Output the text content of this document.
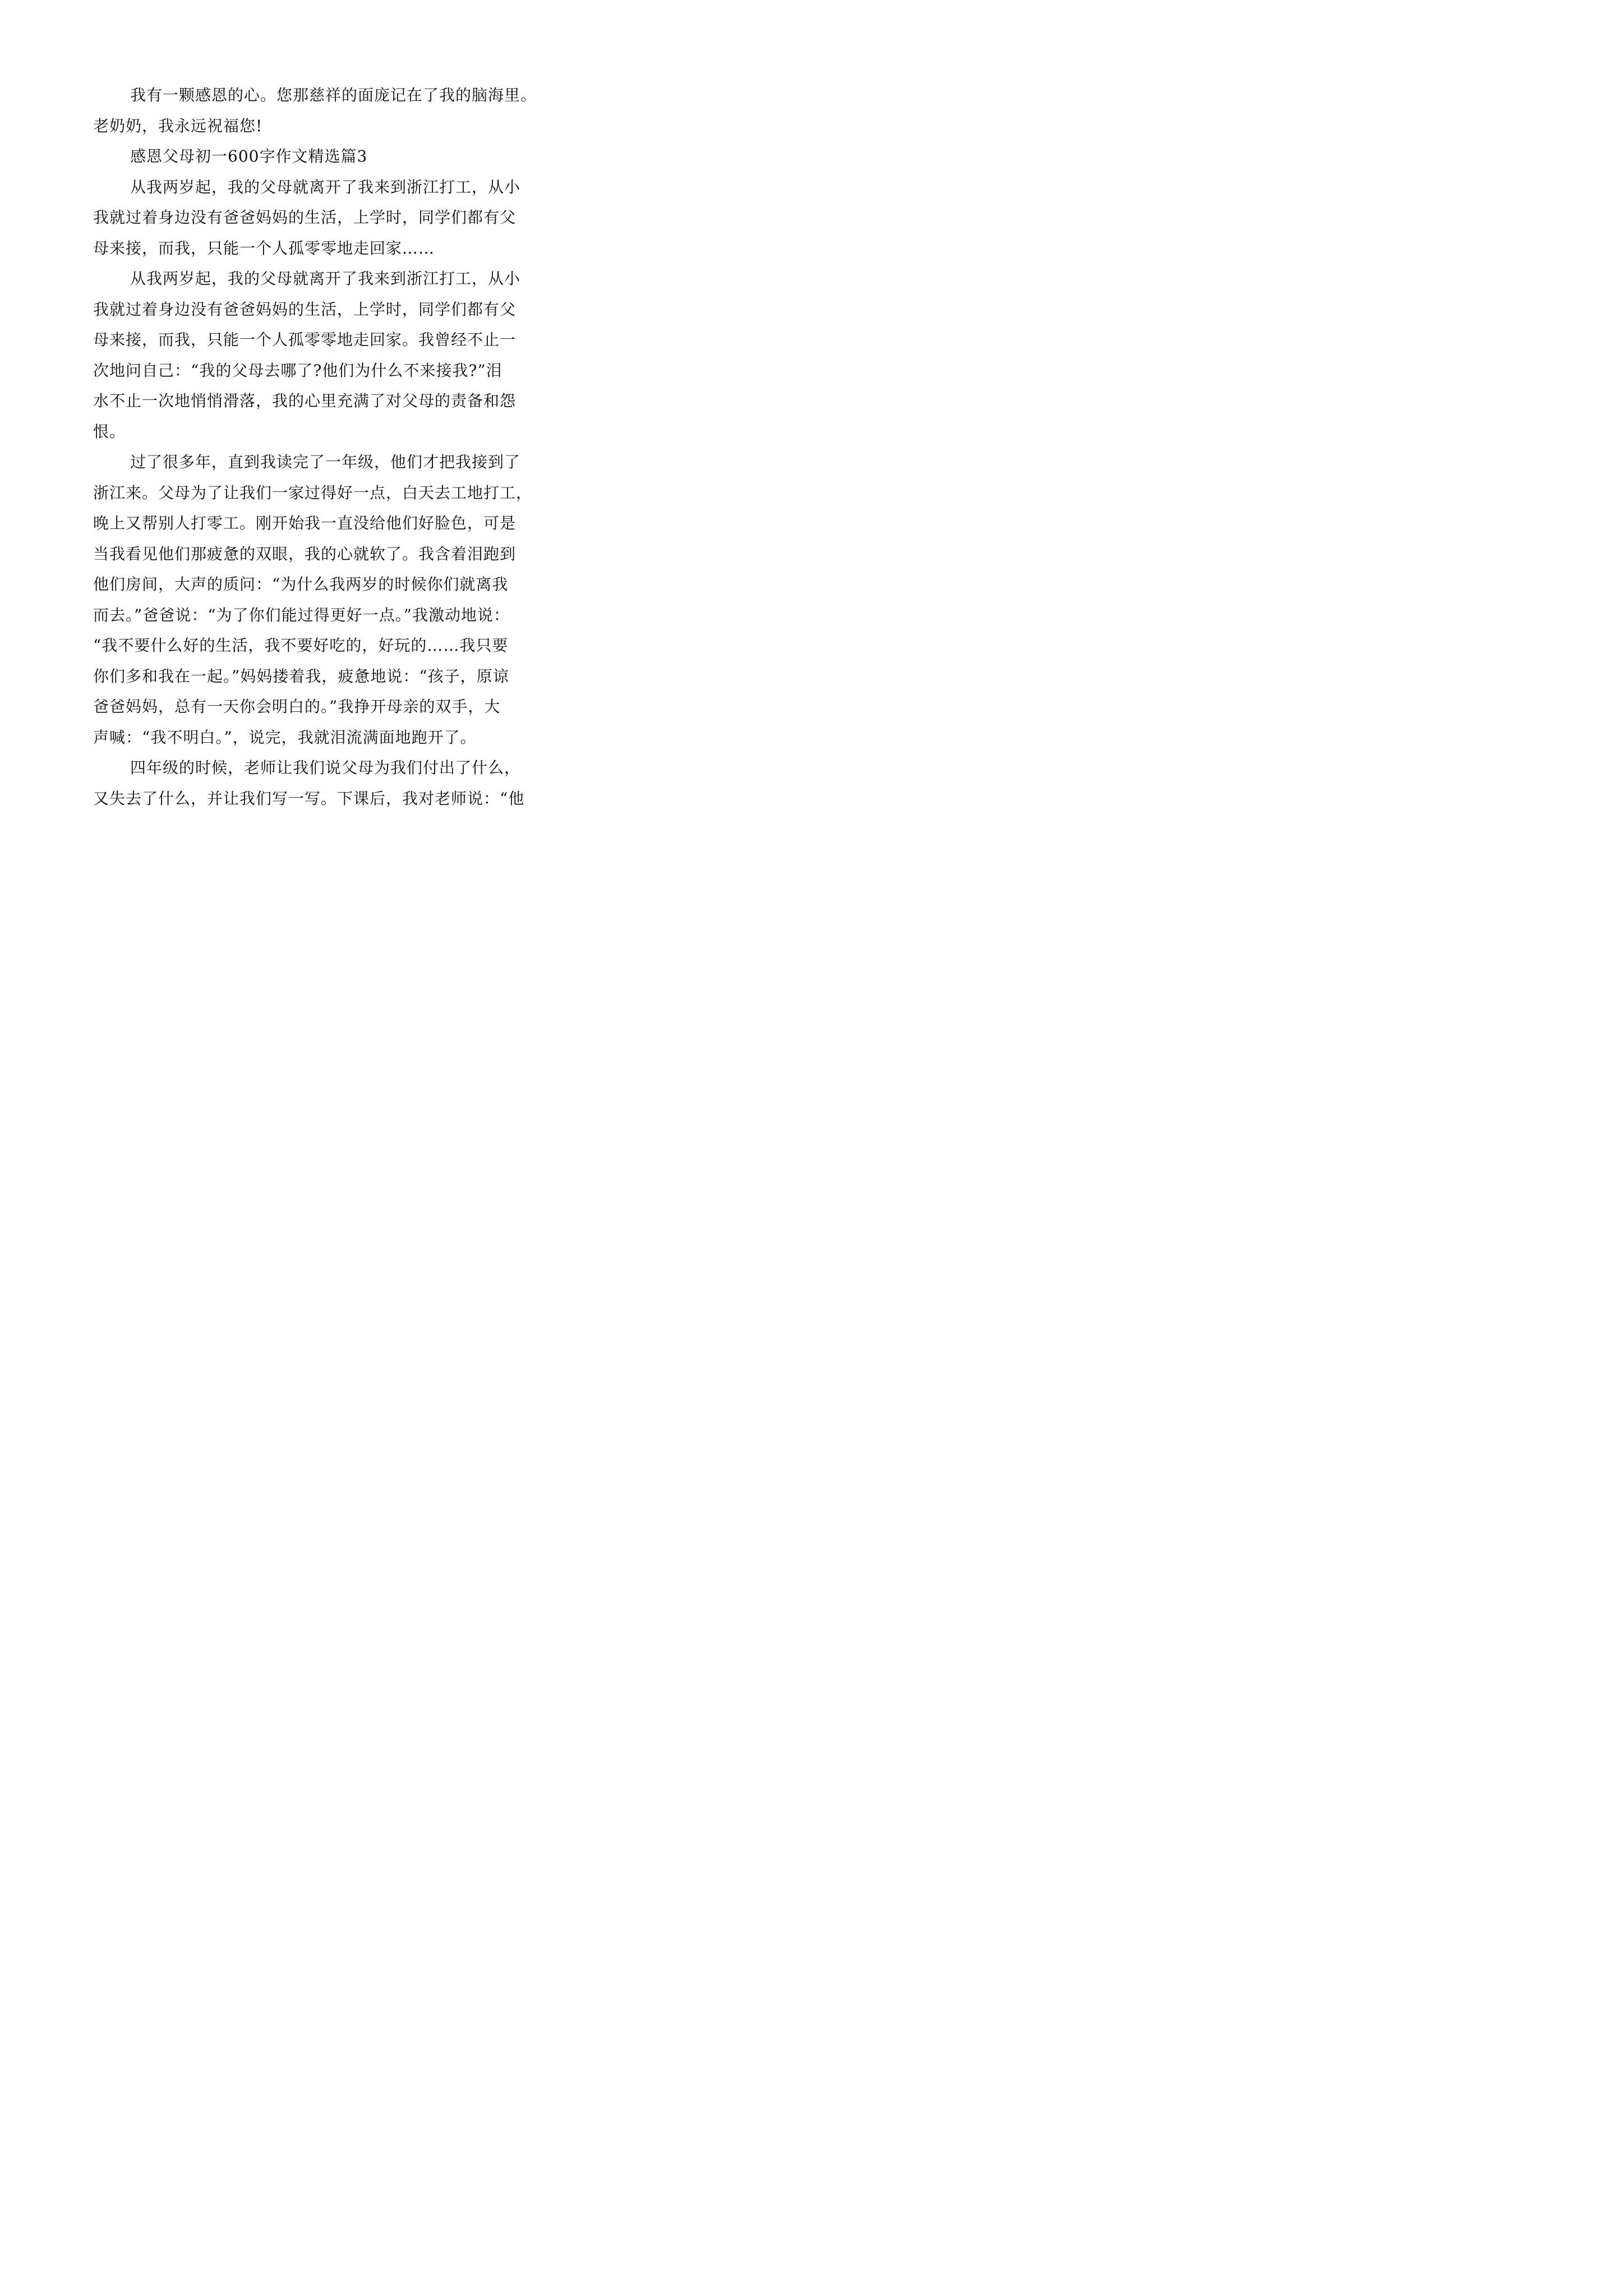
我有一颗感恩的心。您那慈祥的面庞记在了我的脑海里。
老奶奶，我永远祝福您!

感恩父母初一600字作文精选篇3

从我两岁起，我的父母就离开了我来到浙江打工，从小
我就过着身边没有爸爸妈妈的生活，上学时，同学们都有父
母来接，而我，只能一个人孤零零地走回家……

从我两岁起，我的父母就离开了我来到浙江打工，从小
我就过着身边没有爸爸妈妈的生活，上学时，同学们都有父
母来接，而我，只能一个人孤零零地走回家。我曾经不止一
次地问自己：“我的父母去哪了?他们为什么不来接我?”泪
水不止一次地悄悄滑落，我的心里充满了对父母的责备和怨
恨。

过了很多年，直到我读完了一年级，他们才把我接到了
浙江来。父母为了让我们一家过得好一点，白天去工地打工，
晚上又帮别人打零工。刚开始我一直没给他们好脸色，可是
当我看见他们那疲惫的双眼，我的心就软了。我含着泪跑到
他们房间，大声的质问：“为什么我两岁的时候你们就离我
而去。”爸爸说：“为了你们能过得更好一点。”我激动地说：
“我不要什么好的生活，我不要好吃的，好玩的……我只要
你们多和我在一起。”妈妈搂着我，疲惫地说：“孩子，原谅
爸爸妈妈，总有一天你会明白的。”我挣开母亲的双手，大
声喊：“我不明白。”，说完，我就泪流满面地跑开了。

四年级的时候，老师让我们说父母为我们付出了什么，
又失去了什么，并让我们写一写。下课后，我对老师说：“他
